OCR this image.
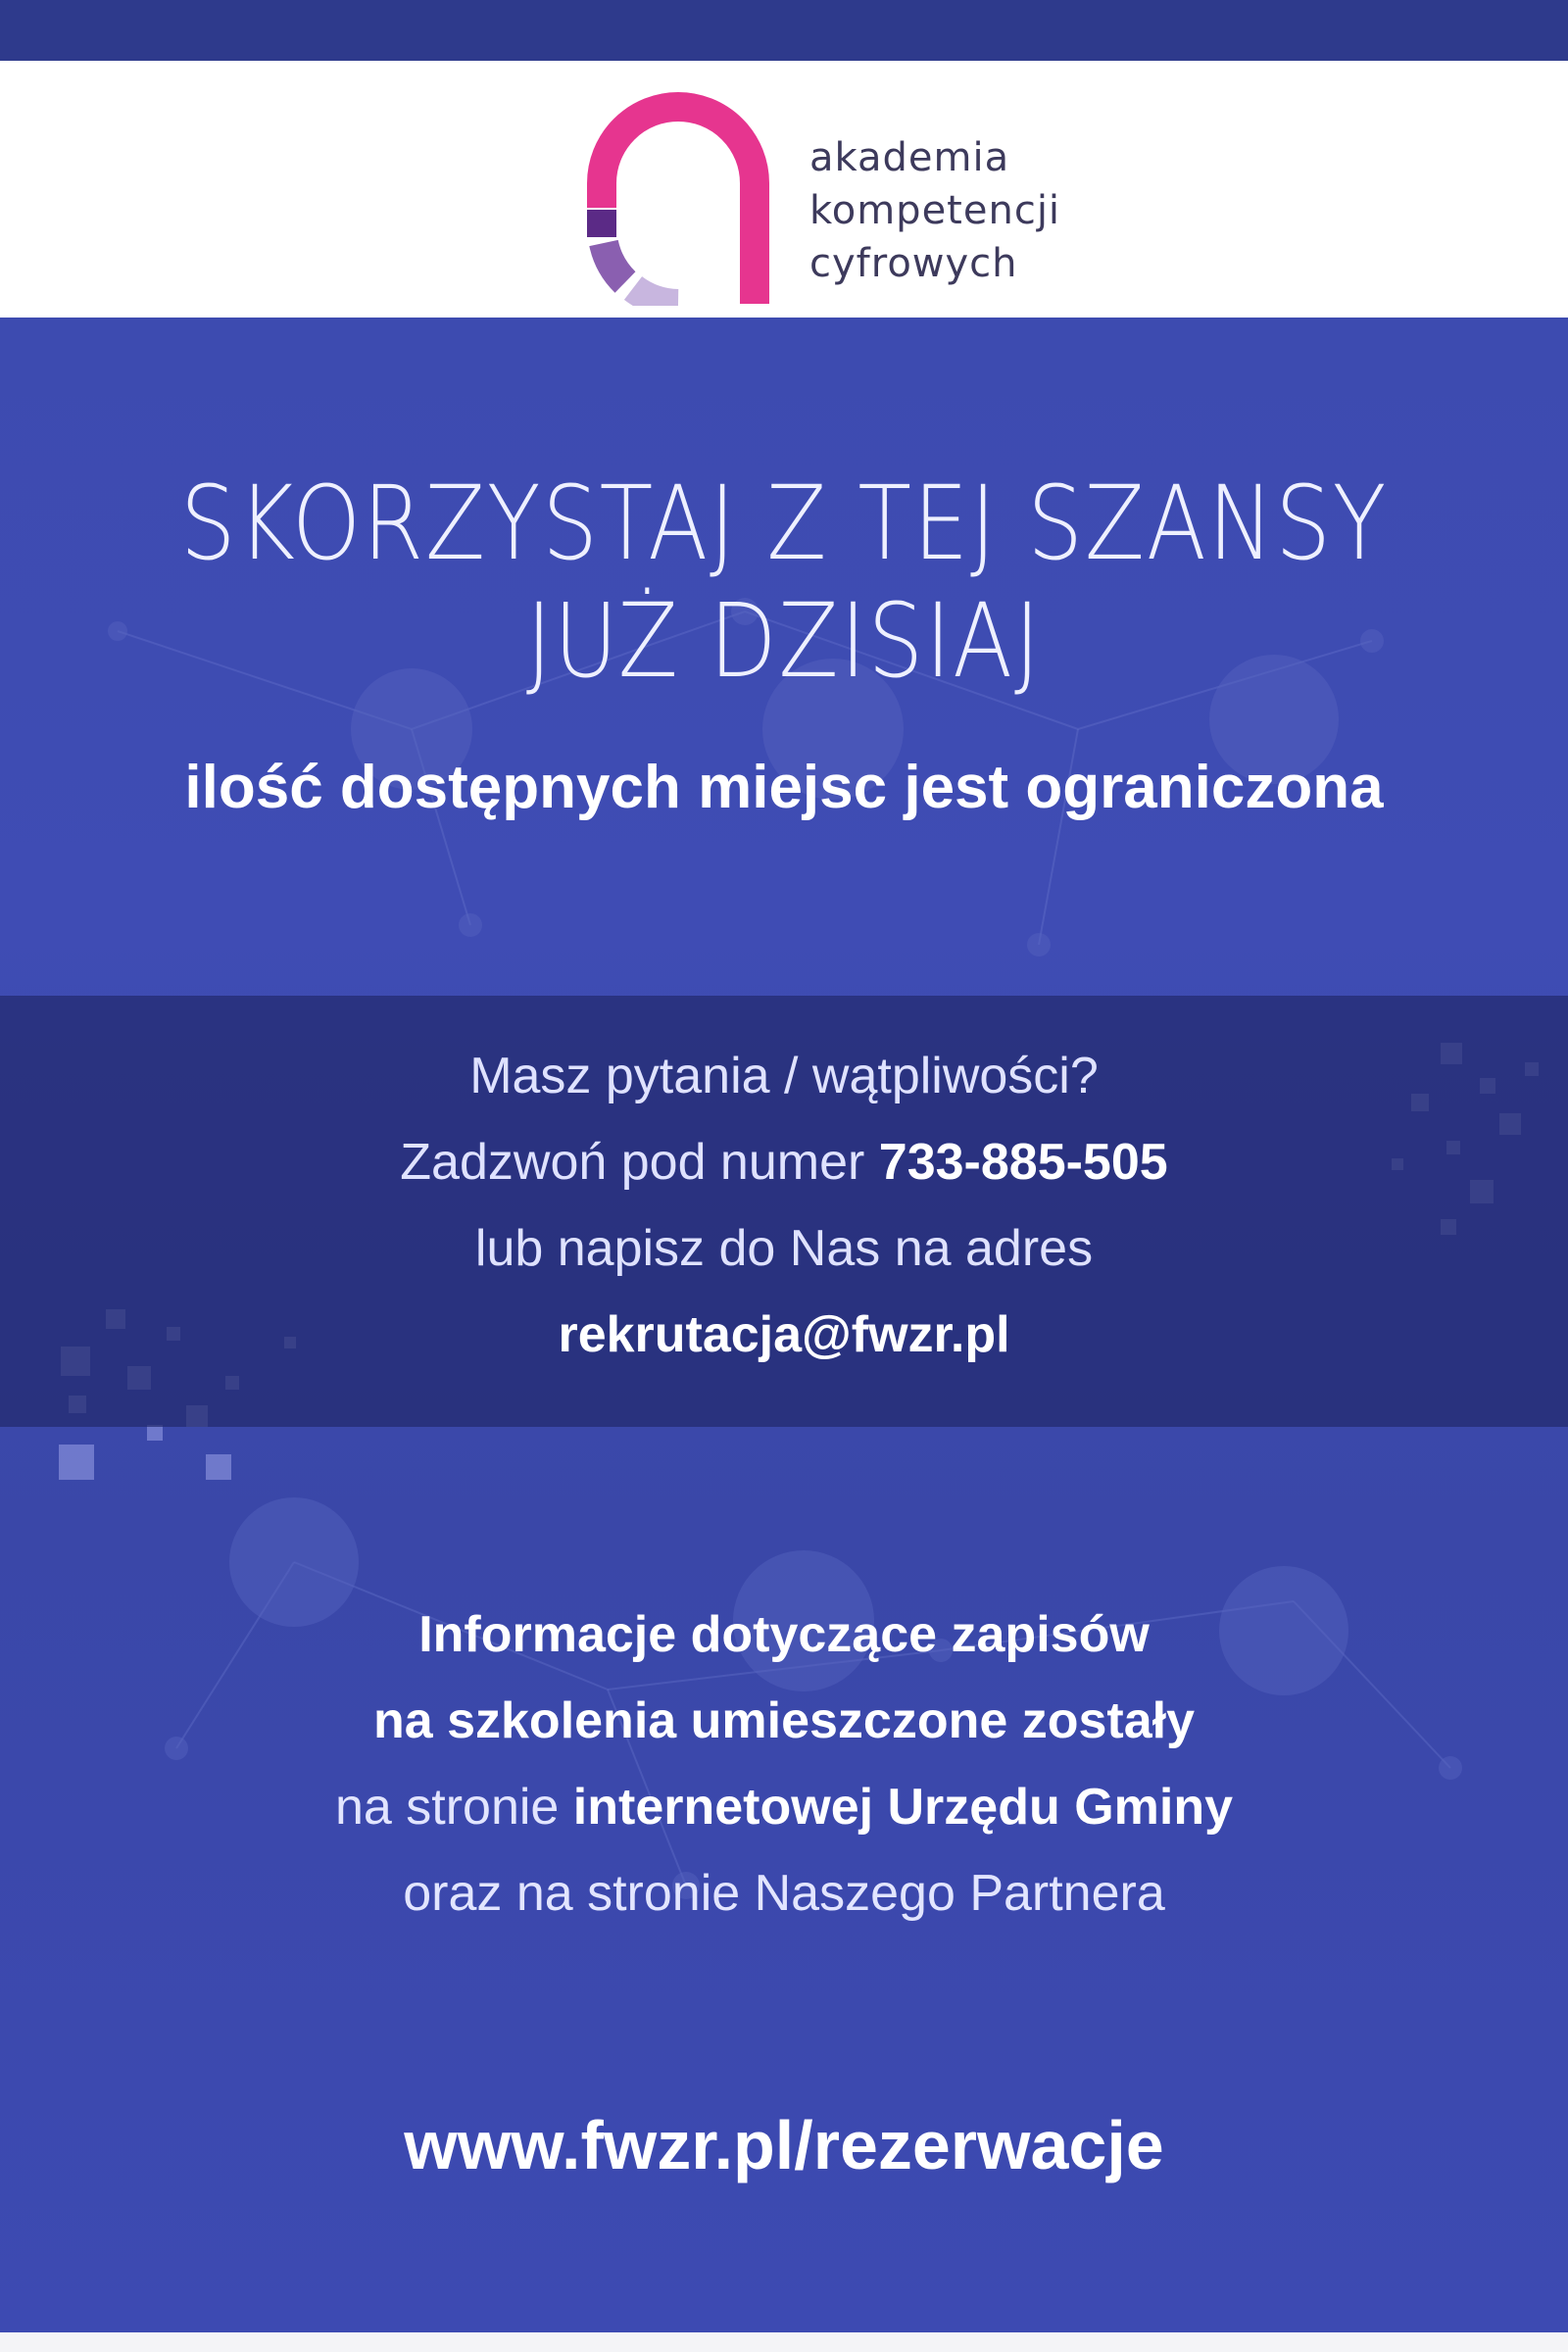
akademia
kompetencji
cyfrowych
SKORZYSTAJ Z TEJ SZANSY
JUŻ DZISIAJ
ilość dostępnych miejsc jest ograniczona
Masz pytania / wątpliwości?
Zadzwoń pod numer 733-885-505
lub napisz do Nas na adres
rekrutacja@fwzr.pl
Informacje dotyczące zapisów
na szkolenia umieszczone zostały
na stronie internetowej Urzędu Gminy
oraz na stronie Naszego Partnera
www.fwzr.pl/rezerwacje
